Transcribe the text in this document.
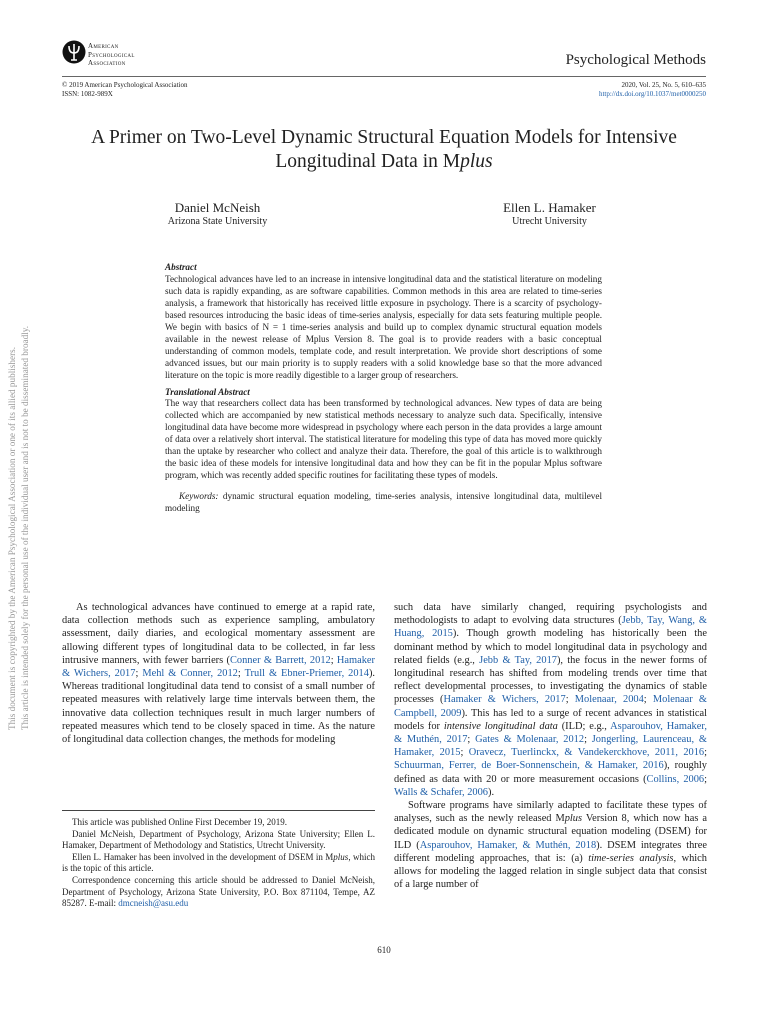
American
Psychological
Association	Psychological Methods
© 2019 American Psychological Association
ISSN: 1082-989X
2020, Vol. 25, No. 5, 610–635
http://dx.doi.org/10.1037/met0000250
A Primer on Two-Level Dynamic Structural Equation Models for Intensive
Longitudinal Data in Mplus
Daniel McNeish
Arizona State University
Ellen L. Hamaker
Utrecht University

Abstract

Technological advances have led to an increase in intensive longitudinal data and the statistical literature on modeling such data is rapidly expanding, as are software capabilities. Common methods in this area are related to time-series analysis, a framework that historically has received little exposure in psychology. There is a scarcity of psychology-based resources introducing the basic ideas of time-series analysis, especially for data sets featuring multiple people. We begin with basics of N = 1 time-series analysis and build up to complex dynamic structural equation models available in the newest release of Mplus Version 8. The goal is to provide readers with a basic conceptual understanding of common models, template code, and result interpretation. We provide short descriptions of some advanced issues, but our main priority is to supply readers with a solid knowledge base so that the more advanced literature on the topic is more readily digestible to a larger group of researchers.

Translational Abstract

The way that researchers collect data has been transformed by technological advances. New types of data are being collected which are accompanied by new statistical methods necessary to analyze such data. Specifically, intensive longitudinal data have become more widespread in psychology where each person in the data provides a large amount of data over a relatively short interval. The statistical literature for modeling this type of data has moved more quickly than the uptake by researcher who collect and analyze their data. Therefore, the goal of this article is to walkthrough the basic idea of these models for intensive longitudinal data and how they can be fit in the popular Mplus software program, which was recently added specific routines for facilitating these types of models.

Keywords: dynamic structural equation modeling, time-series analysis, intensive longitudinal data, multilevel modeling

This document is copyrighted by the American Psychological Association or one of its allied publishers. This article is intended solely for the personal use of the individual user and is not to be disseminated broadly.	As technological advances have continued to emerge at a rapid rate, data collection methods such as experience sampling, ambulatory assessment, daily diaries, and ecological momentary assessment are allowing different types of longitudinal data to be collected, in far less intrusive manners, with fewer barriers (Conner & Barrett, 2012; Hamaker & Wichers, 2017; Mehl & Conner, 2012; Trull & Ebner-Priemer, 2014). Whereas traditional longitudinal data tend to consist of a small number of repeated measures with relatively large time intervals between them, the innovative data collection techniques result in much larger numbers of repeated measures which tend to be closely spaced in time. As the nature of longitudinal data collection changes, the methods for modeling

This article was published Online First December 19, 2019.

Daniel McNeish, Department of Psychology, Arizona State University; Ellen L. Hamaker, Department of Methodology and Statistics, Utrecht University.

Ellen L. Hamaker has been involved in the development of DSEM in Mplus, which is the topic of this article.

Correspondence concerning this article should be addressed to Daniel McNeish, Department of Psychology, Arizona State University, P.O. Box 871104, Tempe, AZ 85287. E-mail: dmcneish@asu.edu

such data have similarly changed, requiring psychologists and methodologists to adapt to evolving data structures (Jebb, Tay, Wang, & Huang, 2015). Though growth modeling has historically been the dominant method by which to model longitudinal data in psychology and related fields (e.g., Jebb & Tay, 2017), the focus in the newer forms of longitudinal research has shifted from modeling trends over time that reflect developmental processes, to investigating the dynamics of stable processes (Hamaker & Wichers, 2017; Molenaar, 2004; Molenaar & Campbell, 2009). This has led to a surge of recent advances in statistical models for intensive longitudinal data (ILD; e.g., Asparouhov, Hamaker, & Muthén, 2017; Gates & Molenaar, 2012; Jongerling, Laurenceau, & Hamaker, 2015; Oravecz, Tuerlinckx, & Vandekerckhove, 2011, 2016; Schuurman, Ferrer, de Boer-Sonnenschein, & Hamaker, 2016), roughly defined as data with 20 or more measurement occasions (Collins, 2006; Walls & Schafer, 2006).

Software programs have similarly adapted to facilitate these types of analyses, such as the newly released Mplus Version 8, which now has a dedicated module on dynamic structural equation modeling (DSEM) for ILD (Asparouhov, Hamaker, & Muthén, 2018). DSEM integrates three different modeling approaches, that is: (a) time-series analysis, which allows for modeling the lagged relation in single subject data that consist of a large number of

610
